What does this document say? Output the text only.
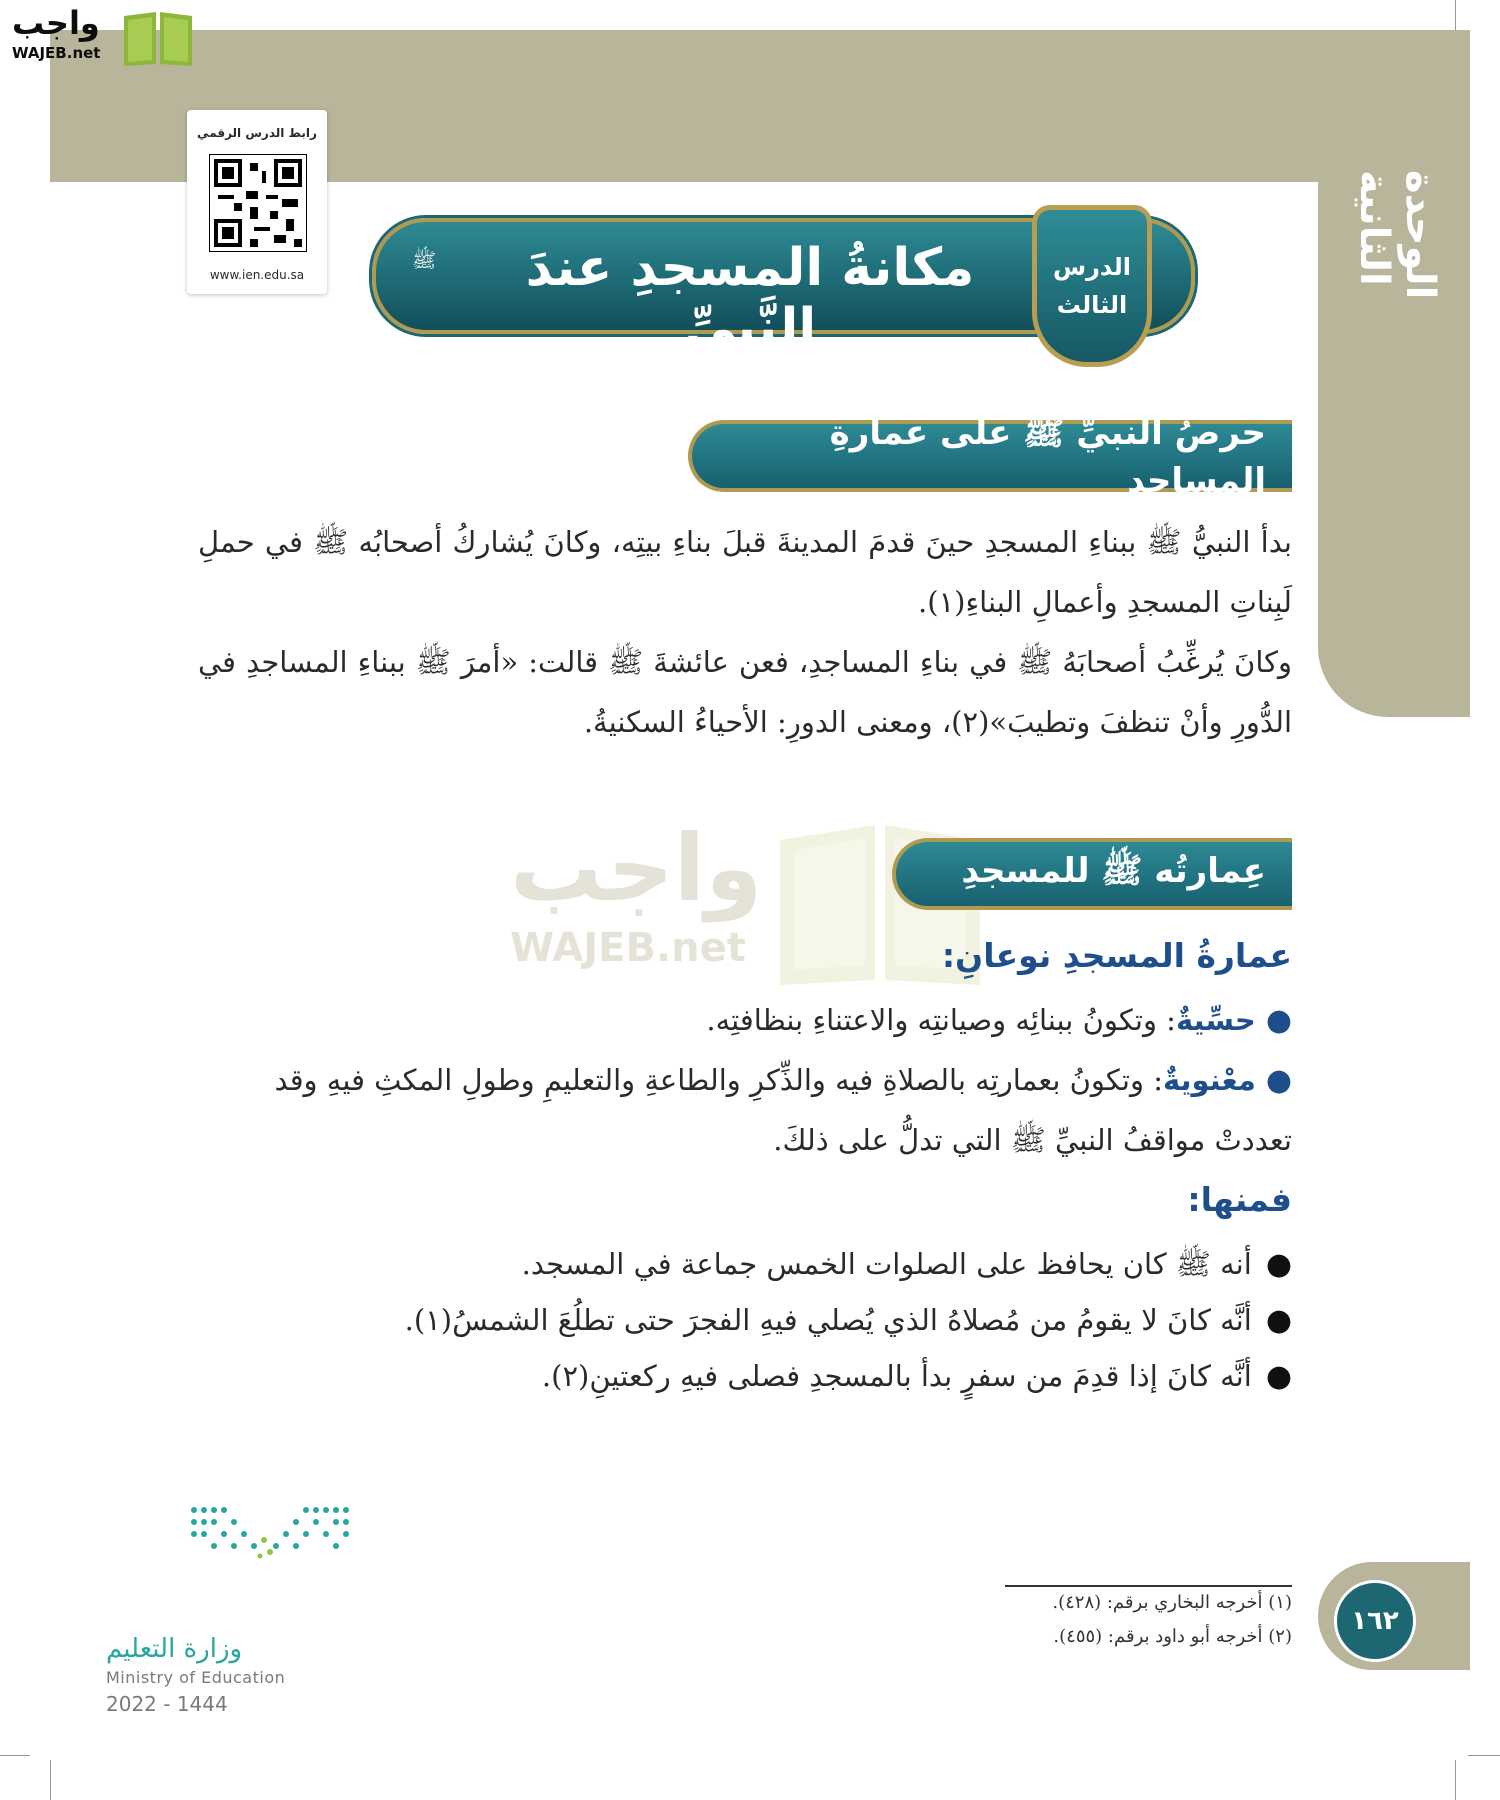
الوحدة الثانية
واجب
WAJEB.net
رابط الدرس الرقمي
www.ien.edu.sa	مكانةُ المسجدِ عندَ النَّبيِّ
ﷺ	الدرس
الثالث
حرصُ النبيِّ ﷺ على عمارةِ المساجدِ
بدأ النبيُّ ﷺ ببناءِ المسجدِ حينَ قدمَ المدينةَ قبلَ بناءِ بيتِه، وكانَ يُشاركُ أصحابُه ﷺ في حملِ لَبِناتِ المسجدِ وأعمالِ البناءِ(١).
وكانَ يُرغِّبُ أصحابَهُ ﷺ في بناءِ المساجدِ، فعن عائشةَ ﷺ قالت: «أمرَ ﷺ ببناءِ المساجدِ في الدُّورِ وأنْ تنظفَ وتطيبَ»(٢)، ومعنى الدورِ: الأحياءُ السكنيةُ.
واجب
WAJEB.net
عِمارتُه ﷺ للمسجدِ
عمارةُ المسجدِ نوعانِ:
●حسِّيةٌ: وتكونُ ببنائِه وصيانتِه والاعتناءِ بنظافتِه.
●معْنويةٌ: وتكونُ بعمارتِه بالصلاةِ فيه والذِّكرِ والطاعةِ والتعليمِ وطولِ المكثِ فيهِ وقد
تعددتْ مواقفُ النبيِّ ﷺ التي تدلُّ على ذلكَ.
فمنها:
●أنه ﷺ كان يحافظ على الصلوات الخمس جماعة في المسجد.
●أنَّه كانَ لا يقومُ من مُصلاهُ الذي يُصلي فيهِ الفجرَ حتى تطلُعَ الشمسُ(١).
●أنَّه كانَ إذا قدِمَ من سفرٍ بدأ بالمسجدِ فصلى فيهِ ركعتينِ(٢).
(١) أخرجه البخاري برقم: (٤٢٨).
(٢) أخرجه أبو داود برقم: (٤٥٥).
١٦٢
وزارة التعليم
Ministry of Education
2022 - 1444
